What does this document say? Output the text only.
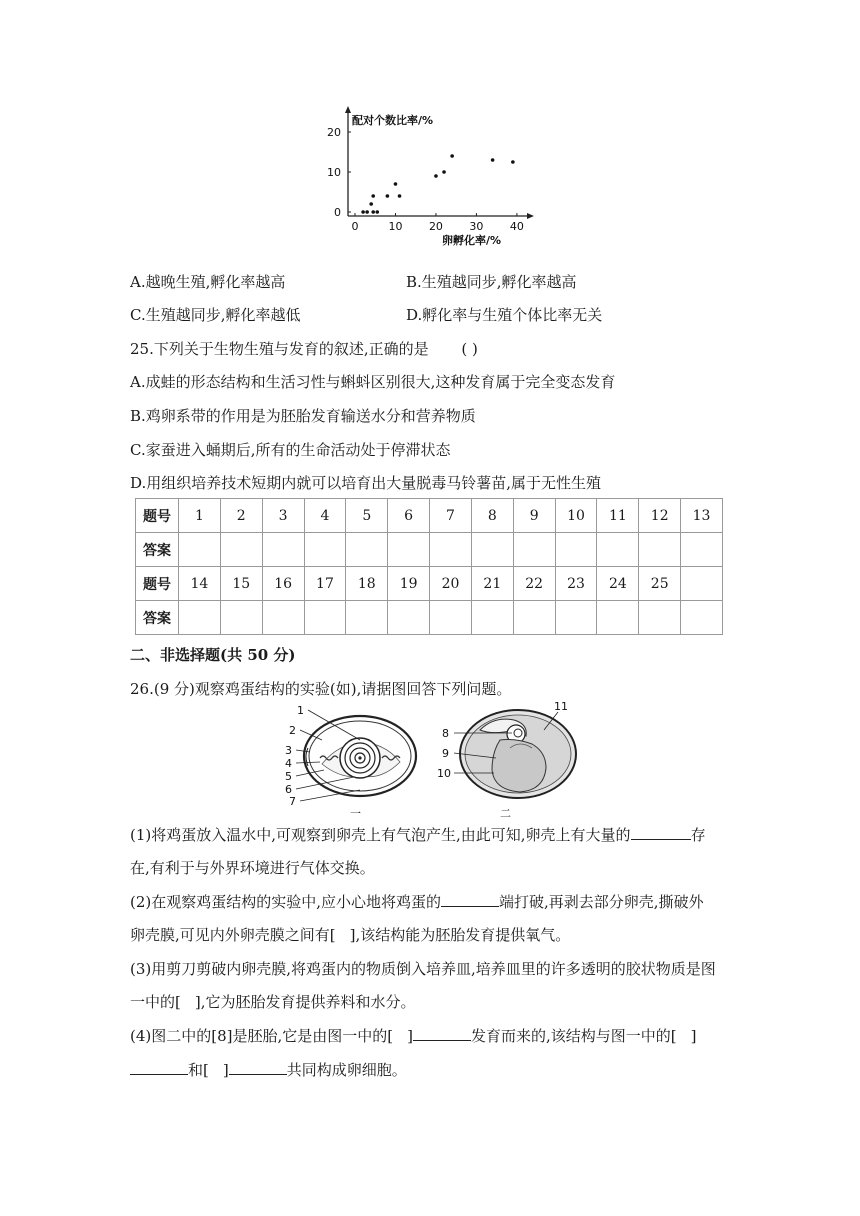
0	10 20 30 40
0
10
20
配对个数比率/%
卵孵化率/%
A.越晚生殖,孵化率越高	B.生殖越同步,孵化率越高
C.生殖越同步,孵化率越低	D.孵化率与生殖个体比率无关
25.下列关于生物生殖与发育的叙述,正确的是 ( )
A.成蛙的形态结构和生活习性与蝌蚪区别很大,这种发育属于完全变态发育
B.鸡卵系带的作用是为胚胎发育输送水分和营养物质
C.家蚕进入蛹期后,所有的生命活动处于停滞状态
D.用组织培养技术短期内就可以培育出大量脱毒马铃薯苗,属于无性生殖
题号	1	2	3	4	5	6	7	8	9	10	11	12	13
答案													
题号	14	15	16	17	18	19	20	21	22	23	24	25	
答案													
二、非选择题(共 50 分)
26.(9 分)观察鸡蛋结构的实验(如),请据图回答下列问题。
1
2
3
4
5
6
7
一
8
9
10
11
二
(1)将鸡蛋放入温水中,可观察到卵壳上有气泡产生,由此可知,卵壳上有大量的	存
在,有利于与外界环境进行气体交换。
(2)在观察鸡蛋结构的实验中,应小心地将鸡蛋的	端打破,再剥去部分卵壳,撕破外
卵壳膜,可见内外卵壳膜之间有[ ],该结构能为胚胎发育提供氧气。
(3)用剪刀剪破内卵壳膜,将鸡蛋内的物质倒入培养皿,培养皿里的许多透明的胶状物质是图
一中的[ ],它为胚胎发育提供养料和水分。
(4)图二中的[8]是胚胎,它是由图一中的[ ]	发育而来的,该结构与图一中的[ ]
和[ ]	共同构成卵细胞。
